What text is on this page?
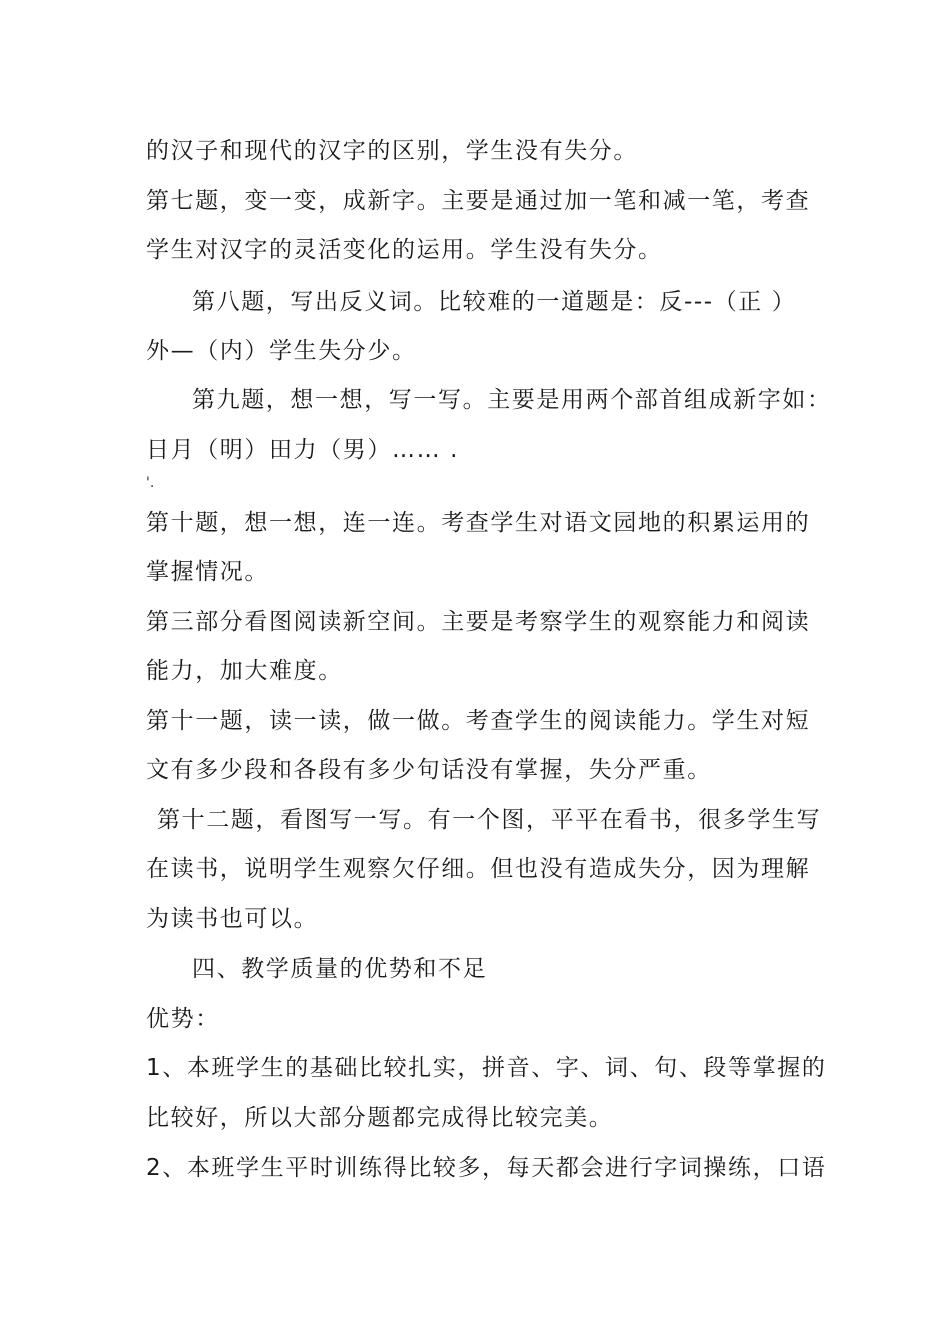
的汉子和现代的汉字的区别，学生没有失分。
第七题，变一变，成新字。主要是通过加一笔和减一笔，考查
学生对汉字的灵活变化的运用。学生没有失分。
第八题，写出反义词。比较难的一道题是：反---（正 ）
外—（内）学生失分少。
第九题，想一想，写一写。主要是用两个部首组成新字如：
日月（明）田力（男）…… .
'.
第十题，想一想，连一连。考查学生对语文园地的积累运用的
掌握情况。
第三部分看图阅读新空间。主要是考察学生的观察能力和阅读
能力，加大难度。
第十一题，读一读，做一做。考查学生的阅读能力。学生对短
文有多少段和各段有多少句话没有掌握，失分严重。
第十二题，看图写一写。有一个图，平平在看书，很多学生写
在读书，说明学生观察欠仔细。但也没有造成失分，因为理解
为读书也可以。
四、教学质量的优势和不足
优势：
1、本班学生的基础比较扎实，拼音、字、词、句、段等掌握的
比较好，所以大部分题都完成得比较完美。
2、本班学生平时训练得比较多，每天都会进行字词操练，口语
